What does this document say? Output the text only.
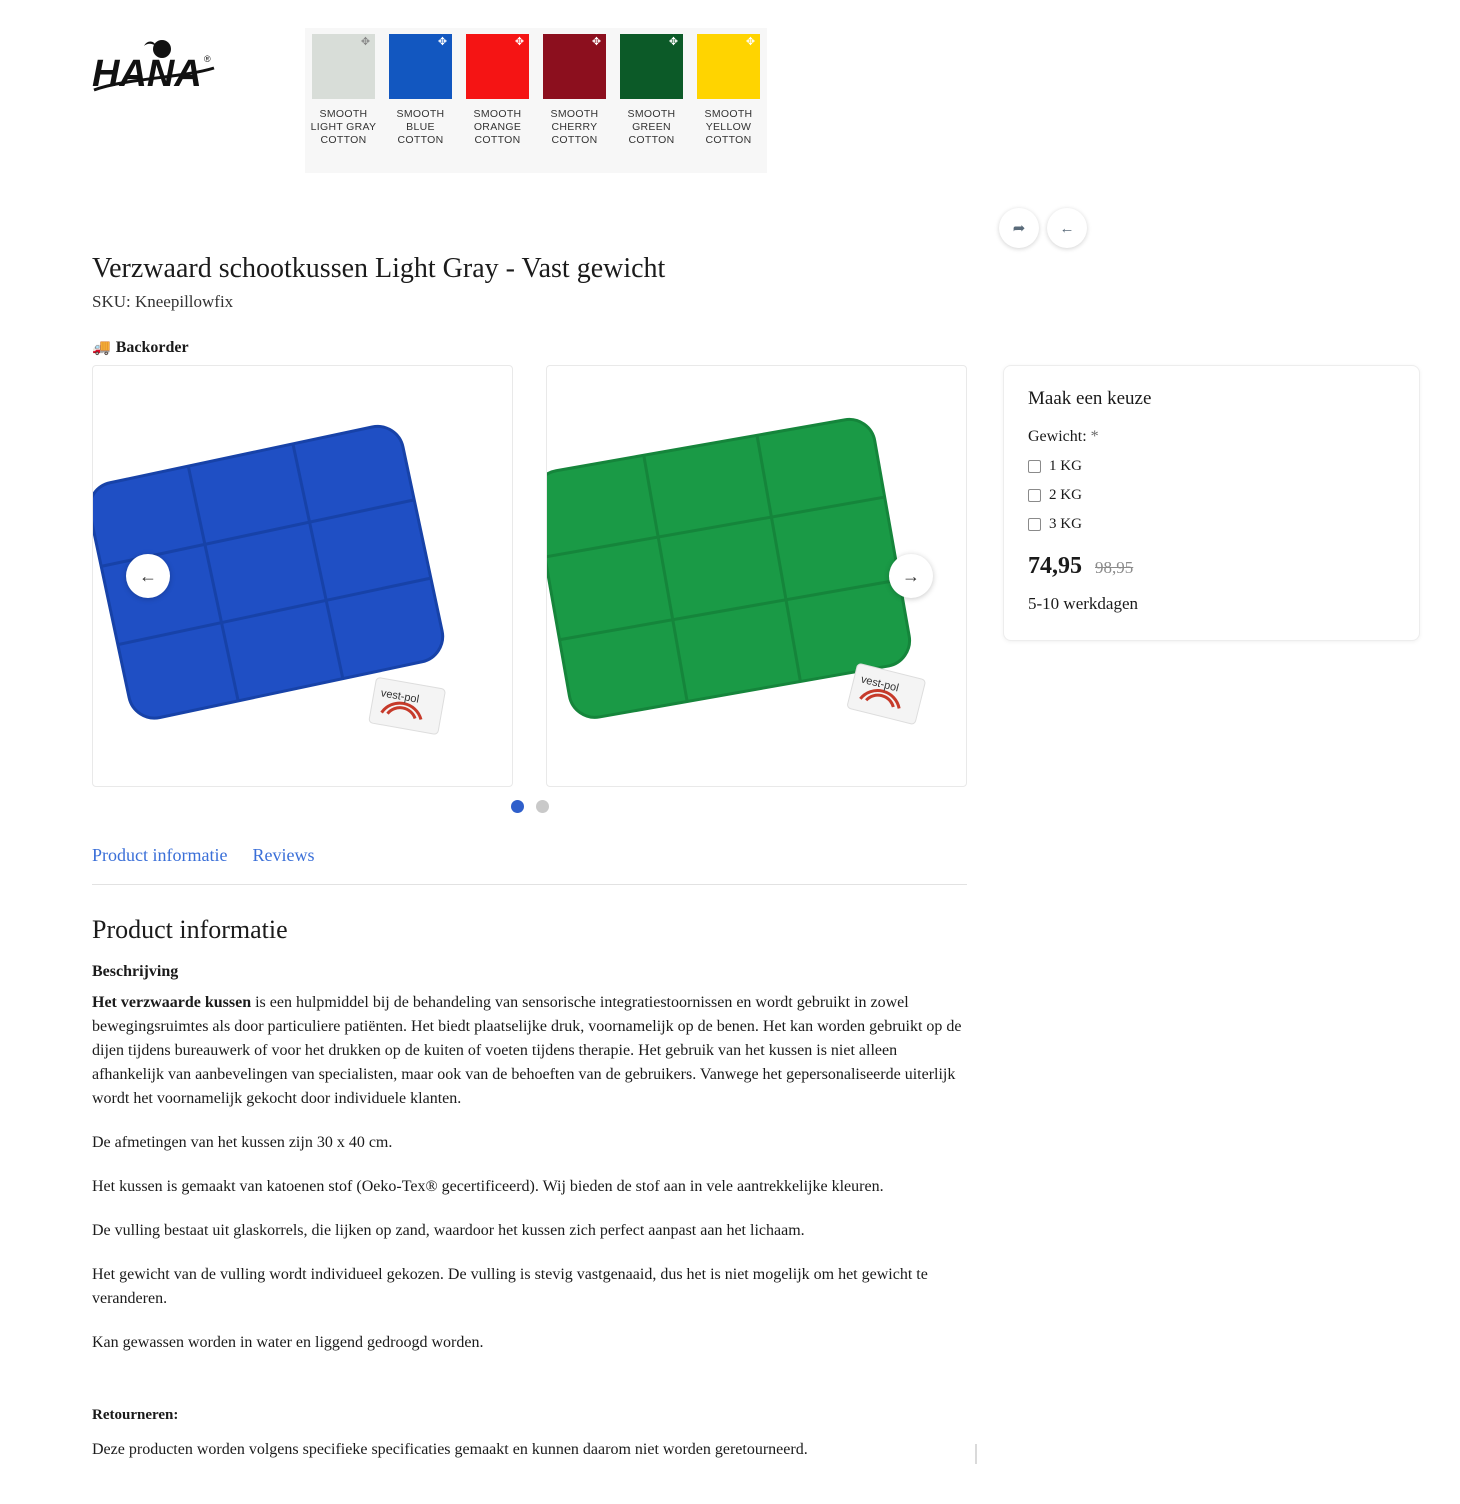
HANA ®
✥
SMOOTH LIGHT GRAY COTTON
✥
SMOOTH BLUE COTTON
✥
SMOOTH ORANGE COTTON
✥
SMOOTH CHERRY COTTON
✥
SMOOTH GREEN COTTON
✥
SMOOTH YELLOW COTTON
➦	←
Verzwaard schootkussen Light Gray - Vast gewicht
SKU: Kneepillowfix
🚚 Backorder
vest-pol
←
vest-pol
→
Product informatie Reviews
Product informatie
Beschrijving

Het verzwaarde kussen is een hulpmiddel bij de behandeling van sensorische integratiestoornissen en wordt gebruikt in zowel bewegingsruimtes als door particuliere patiënten. Het biedt plaatselijke druk, voornamelijk op de benen. Het kan worden gebruikt op de dijen tijdens bureauwerk of voor het drukken op de kuiten of voeten tijdens therapie. Het gebruik van het kussen is niet alleen afhankelijk van aanbevelingen van specialisten, maar ook van de behoeften van de gebruikers. Vanwege het gepersonaliseerde uiterlijk wordt het voornamelijk gekocht door individuele klanten.

De afmetingen van het kussen zijn 30 x 40 cm.

Het kussen is gemaakt van katoenen stof (Oeko-Tex® gecertificeerd). Wij bieden de stof aan in vele aantrekkelijke kleuren.

De vulling bestaat uit glaskorrels, die lijken op zand, waardoor het kussen zich perfect aanpast aan het lichaam.

Het gewicht van de vulling wordt individueel gekozen. De vulling is stevig vastgenaaid, dus het is niet mogelijk om het gewicht te veranderen.

Kan gewassen worden in water en liggend gedroogd worden.

Retourneren:

Deze producten worden volgens specifieke specificaties gemaakt en kunnen daarom niet worden geretourneerd.

Maak een keuze
Gewicht: *
1 KG
2 KG
3 KG
74,95 98,95
5-10 werkdagen
